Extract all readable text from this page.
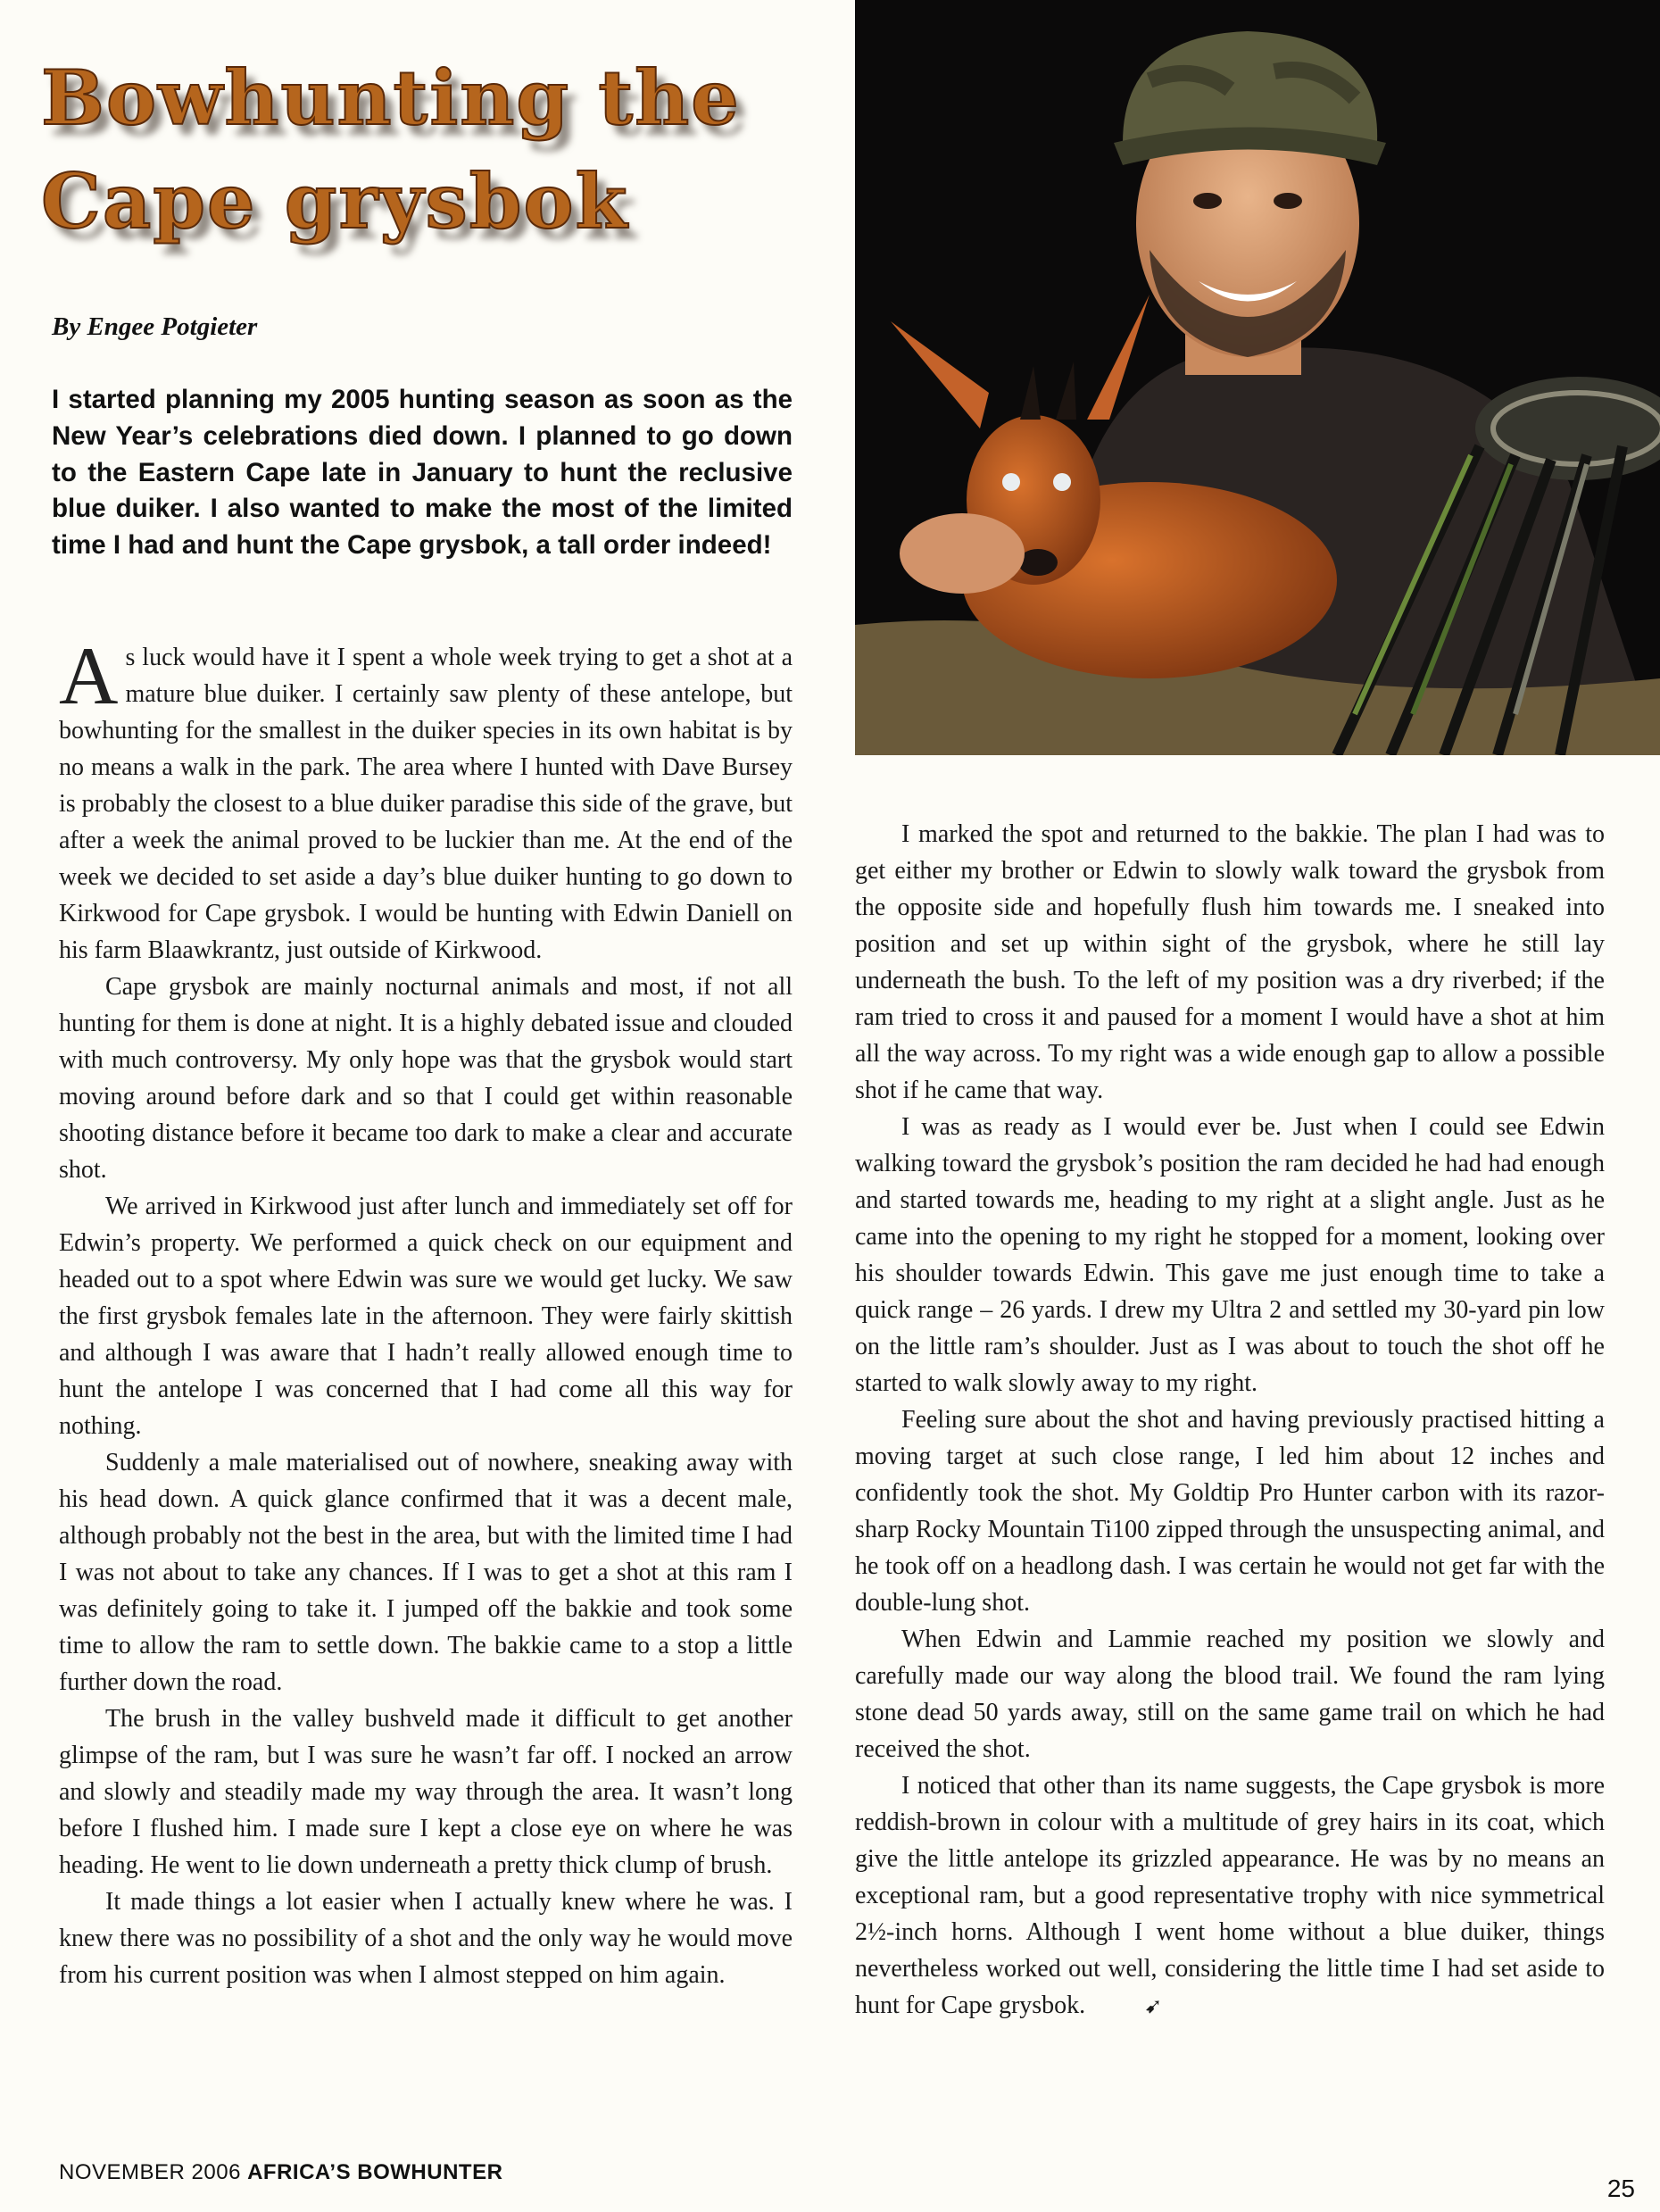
Bowhunting the
Cape grysbok
By Engee Potgieter

I started planning my 2005 hunting season as soon as the New Year’s celebrations died down. I planned to go down to the Eastern Cape late in January to hunt the reclusive blue duiker. I also wanted to make the most of the limited time I had and hunt the Cape grysbok, a tall order indeed!

As luck would have it I spent a whole week trying to get a shot at a mature blue duiker. I certainly saw plenty of these antelope, but bowhunting for the smallest in the duiker species in its own habitat is by no means a walk in the park. The area where I hunted with Dave Bursey is probably the closest to a blue duiker paradise this side of the grave, but after a week the animal proved to be luckier than me. At the end of the week we decided to set aside a day’s blue duiker hunting to go down to Kirkwood for Cape grysbok. I would be hunting with Edwin Daniell on his farm Blaawkrantz, just outside of Kirkwood.

Cape grysbok are mainly nocturnal animals and most, if not all hunting for them is done at night. It is a highly debated issue and clouded with much controversy. My only hope was that the grysbok would start moving around before dark and so that I could get within reasonable shooting distance before it became too dark to make a clear and accurate shot.

We arrived in Kirkwood just after lunch and immediately set off for Edwin’s property. We performed a quick check on our equipment and headed out to a spot where Edwin was sure we would get lucky. We saw the first grysbok females late in the afternoon. They were fairly skittish and although I was aware that I hadn’t really allowed enough time to hunt the antelope I was concerned that I had come all this way for nothing.

Suddenly a male materialised out of nowhere, sneaking away with his head down. A quick glance confirmed that it was a decent male, although probably not the best in the area, but with the limited time I had I was not about to take any chances. If I was to get a shot at this ram I was definitely going to take it. I jumped off the bakkie and took some time to allow the ram to settle down. The bakkie came to a stop a little further down the road.

The brush in the valley bushveld made it difficult to get another glimpse of the ram, but I was sure he wasn’t far off. I nocked an arrow and slowly and steadily made my way through the area. It wasn’t long before I flushed him. I made sure I kept a close eye on where he was heading. He went to lie down underneath a pretty thick clump of brush.

It made things a lot easier when I actually knew where he was. I knew there was no possibility of a shot and the only way he would move from his current position was when I almost stepped on him again.

I marked the spot and returned to the bakkie. The plan I had was to get either my brother or Edwin to slowly walk toward the grysbok from the opposite side and hopefully flush him towards me. I sneaked into position and set up within sight of the grysbok, where he still lay underneath the bush. To the left of my position was a dry riverbed; if the ram tried to cross it and paused for a moment I would have a shot at him all the way across. To my right was a wide enough gap to allow a possible shot if he came that way.

I was as ready as I would ever be. Just when I could see Edwin walking toward the grysbok’s position the ram decided he had had enough and started towards me, heading to my right at a slight angle. Just as he came into the opening to my right he stopped for a moment, looking over his shoulder towards Edwin. This gave me just enough time to take a quick range – 26 yards. I drew my Ultra 2 and settled my 30-yard pin low on the little ram’s shoulder. Just as I was about to touch the shot off he started to walk slowly away to my right.

Feeling sure about the shot and having previously practised hitting a moving target at such close range, I led him about 12 inches and confidently took the shot. My Goldtip Pro Hunter carbon with its razor-sharp Rocky Mountain Ti100 zipped through the unsuspecting animal, and he took off on a headlong dash. I was certain he would not get far with the double-lung shot.

When Edwin and Lammie reached my position we slowly and carefully made our way along the blood trail. We found the ram lying stone dead 50 yards away, still on the same game trail on which he had received the shot.

I noticed that other than its name suggests, the Cape grysbok is more reddish-brown in colour with a multitude of grey hairs in its coat, which give the little antelope its grizzled appearance. He was by no means an exceptional ram, but a good representative trophy with nice symmetrical 2½-inch horns. Although I went home without a blue duiker, things nevertheless worked out well, considering the little time I had set aside to hunt for Cape grysbok.	➹

NOVEMBER 2006 AFRICA’S BOWHUNTER
25
